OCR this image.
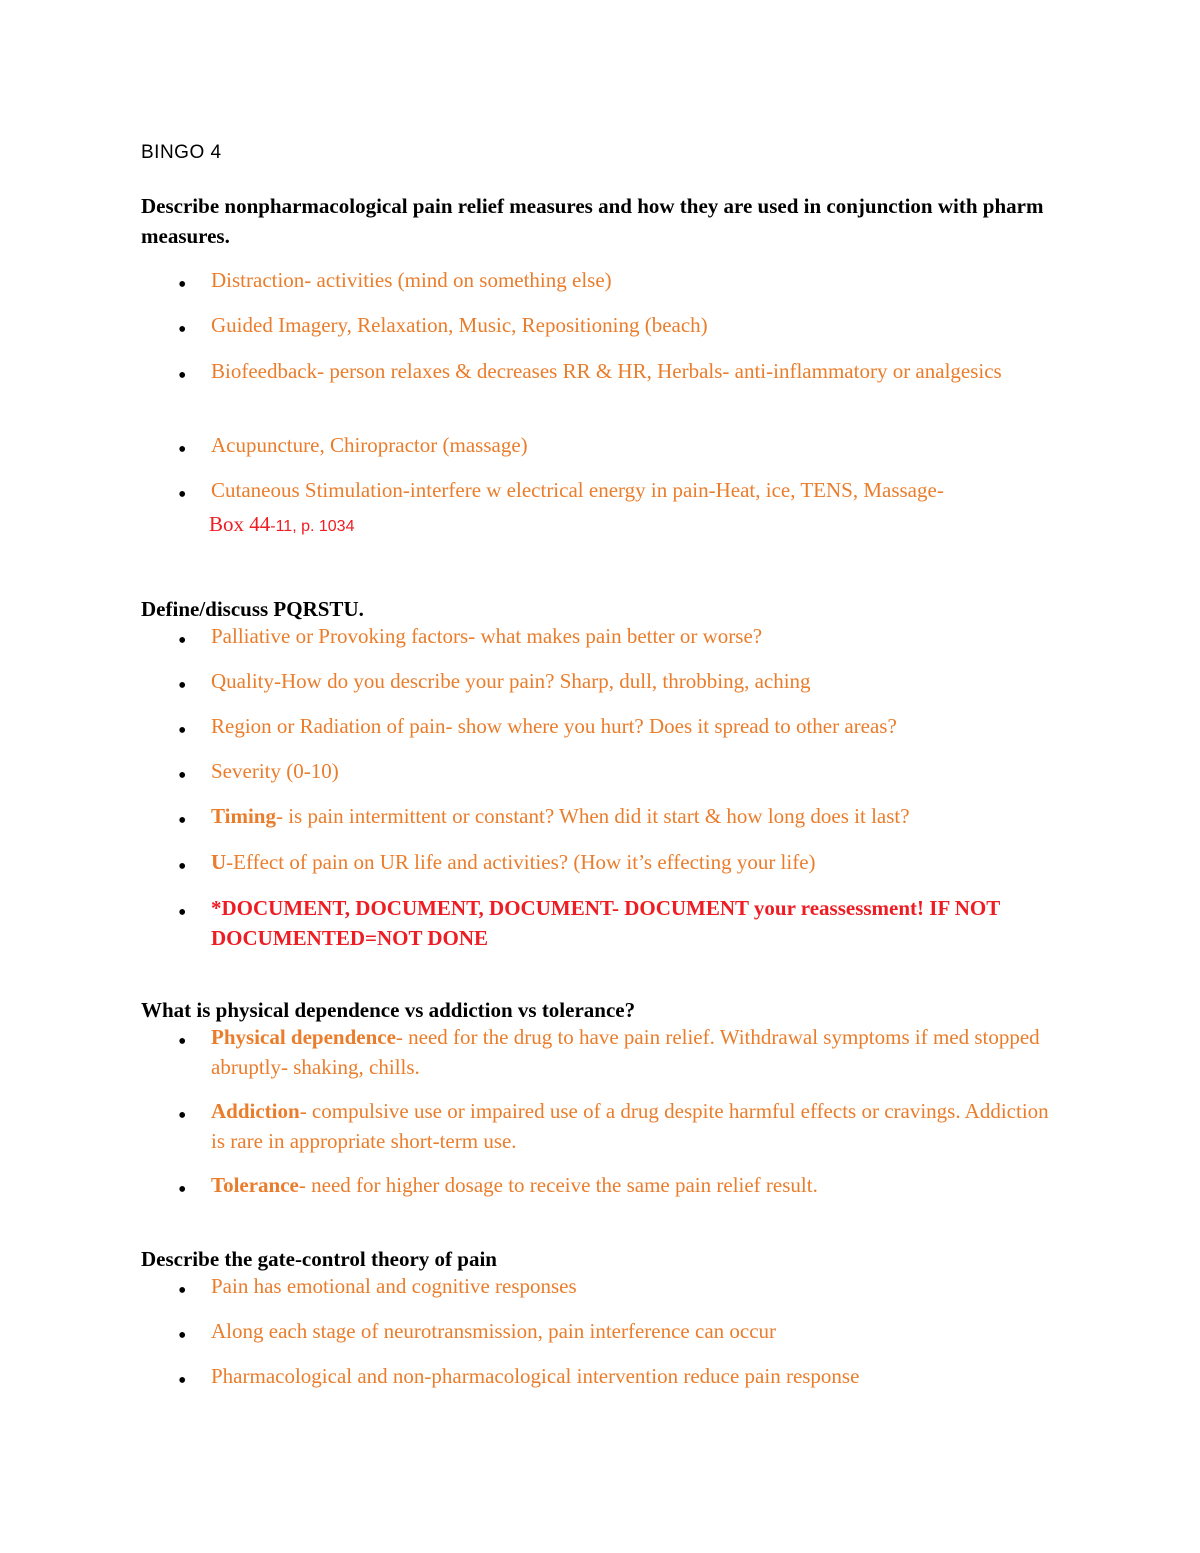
BINGO 4
Describe nonpharmacological pain relief measures and how they are used in conjunction with pharm measures.
•
Distraction- activities (mind on something else)
•
Guided Imagery, Relaxation, Music, Repositioning (beach)
•
Biofeedback- person relaxes & decreases RR & HR, Herbals- anti-inflammatory or analgesics
•
Acupuncture, Chiropractor (massage)
•
Cutaneous Stimulation-interfere w electrical energy in pain-Heat, ice, TENS, Massage-
Box 44-11, p. 1034
Define/discuss PQRSTU.
•
Palliative or Provoking factors- what makes pain better or worse?
•
Quality-How do you describe your pain? Sharp, dull, throbbing, aching
•
Region or Radiation of pain- show where you hurt? Does it spread to other areas?
•
Severity (0-10)
•
Timing- is pain intermittent or constant? When did it start & how long does it last?
•
U-Effect of pain on UR life and activities? (How it’s effecting your life)
•
*DOCUMENT, DOCUMENT, DOCUMENT- DOCUMENT your reassessment! IF NOT DOCUMENTED=NOT DONE
What is physical dependence vs addiction vs tolerance?
•
Physical dependence- need for the drug to have pain relief. Withdrawal symptoms if med stopped abruptly- shaking, chills.
•
Addiction- compulsive use or impaired use of a drug despite harmful effects or cravings. Addiction is rare in appropriate short-term use.
•
Tolerance- need for higher dosage to receive the same pain relief result.
Describe the gate-control theory of pain
•
Pain has emotional and cognitive responses
•
Along each stage of neurotransmission, pain interference can occur
•
Pharmacological and non-pharmacological intervention reduce pain response
